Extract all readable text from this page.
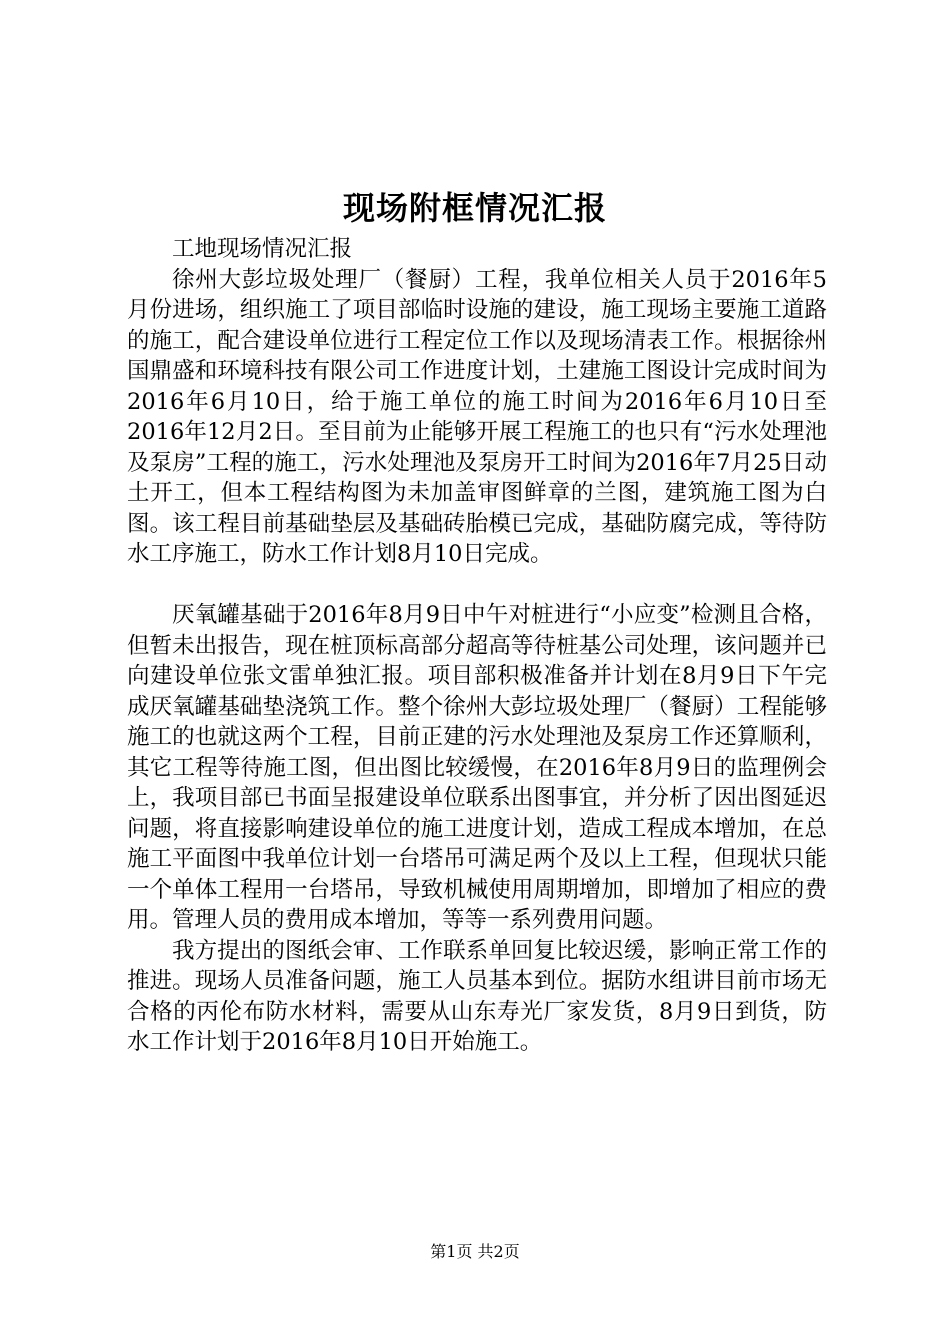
现场附框情况汇报

工地现场情况汇报

徐州大彭垃圾处理厂（餐厨）工程，我单位相关人员于2016年5月份进场，组织施工了项目部临时设施的建设，施工现场主要施工道路的施工，配合建设单位进行工程定位工作以及现场清表工作。根据徐州国鼎盛和环境科技有限公司工作进度计划，土建施工图设计完成时间为2016年6月10日，给于施工单位的施工时间为2016年6月10日至2016年12月2日。至目前为止能够开展工程施工的也只有“污水处理池及泵房”工程的施工，污水处理池及泵房开工时间为2016年7月25日动土开工，但本工程结构图为未加盖审图鲜章的兰图，建筑施工图为白图。该工程目前基础垫层及基础砖胎模已完成，基础防腐完成，等待防水工序施工，防水工作计划8月10日完成。

厌氧罐基础于2016年8月9日中午对桩进行“小应变”检测且合格，但暂未出报告，现在桩顶标高部分超高等待桩基公司处理，该问题并已向建设单位张文雷单独汇报。项目部积极准备并计划在8月9日下午完成厌氧罐基础垫浇筑工作。整个徐州大彭垃圾处理厂（餐厨）工程能够施工的也就这两个工程，目前正建的污水处理池及泵房工作还算顺利，其它工程等待施工图，但出图比较缓慢，在2016年8月9日的监理例会上，我项目部已书面呈报建设单位联系出图事宜，并分析了因出图延迟问题，将直接影响建设单位的施工进度计划，造成工程成本增加，在总施工平面图中我单位计划一台塔吊可满足两个及以上工程，但现状只能一个单体工程用一台塔吊，导致机械使用周期增加，即增加了相应的费用。管理人员的费用成本增加，等等一系列费用问题。

我方提出的图纸会审、工作联系单回复比较迟缓，影响正常工作的推进。现场人员准备问题，施工人员基本到位。据防水组讲目前市场无合格的丙伦布防水材料，需要从山东寿光厂家发货，8月9日到货，防水工作计划于2016年8月10日开始施工。

第1页 共2页
